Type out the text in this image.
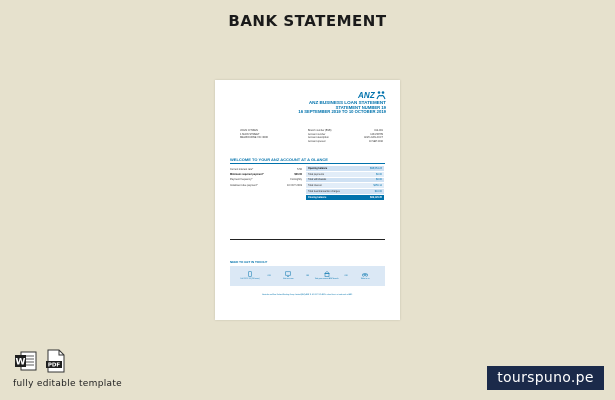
BANK STATEMENT
ANZ
ANZ BUSINESS LOAN STATEMENT
STATEMENT NUMBER 19
16 SEPTEMBER 2019 TO 10 OCTOBER 2019
JOHN CITIZEN
1 MAIN STREET
MELBOURNE VIC 3000
Branch number (BSB)	012-001
Account number	1234-56789
Account description	ANZ LOAN ACCT
Account opened	10 SEP 2010
WELCOME TO YOUR ANZ ACCOUNT AT A GLANCE
Current interest rate*	5.50
Minimum required payment*	$00.00
Payment frequency*	Fortnightly
Instalment due payment*	10 OCT 2019
Opening balance	$98,654.23
Total payments	$0.00
Total withdrawals	$0.00
Total interest	$456.12
Total fees/transaction charges	$10.00
Closing balance	$99,120.35
NEED TO GET IN TOUCH?
Call 13 13 14 (24 hours)
OR
Visit anz.com
OR
Visit your nearest ANZ branch
OR
Write to us
Australia and New Zealand Banking Group Limited (ANZ) ABN 11 005 357 522 ANZ's colour blue is a trade mark of ANZ.
W	PDF
fully editable template	tourspuno.pe
